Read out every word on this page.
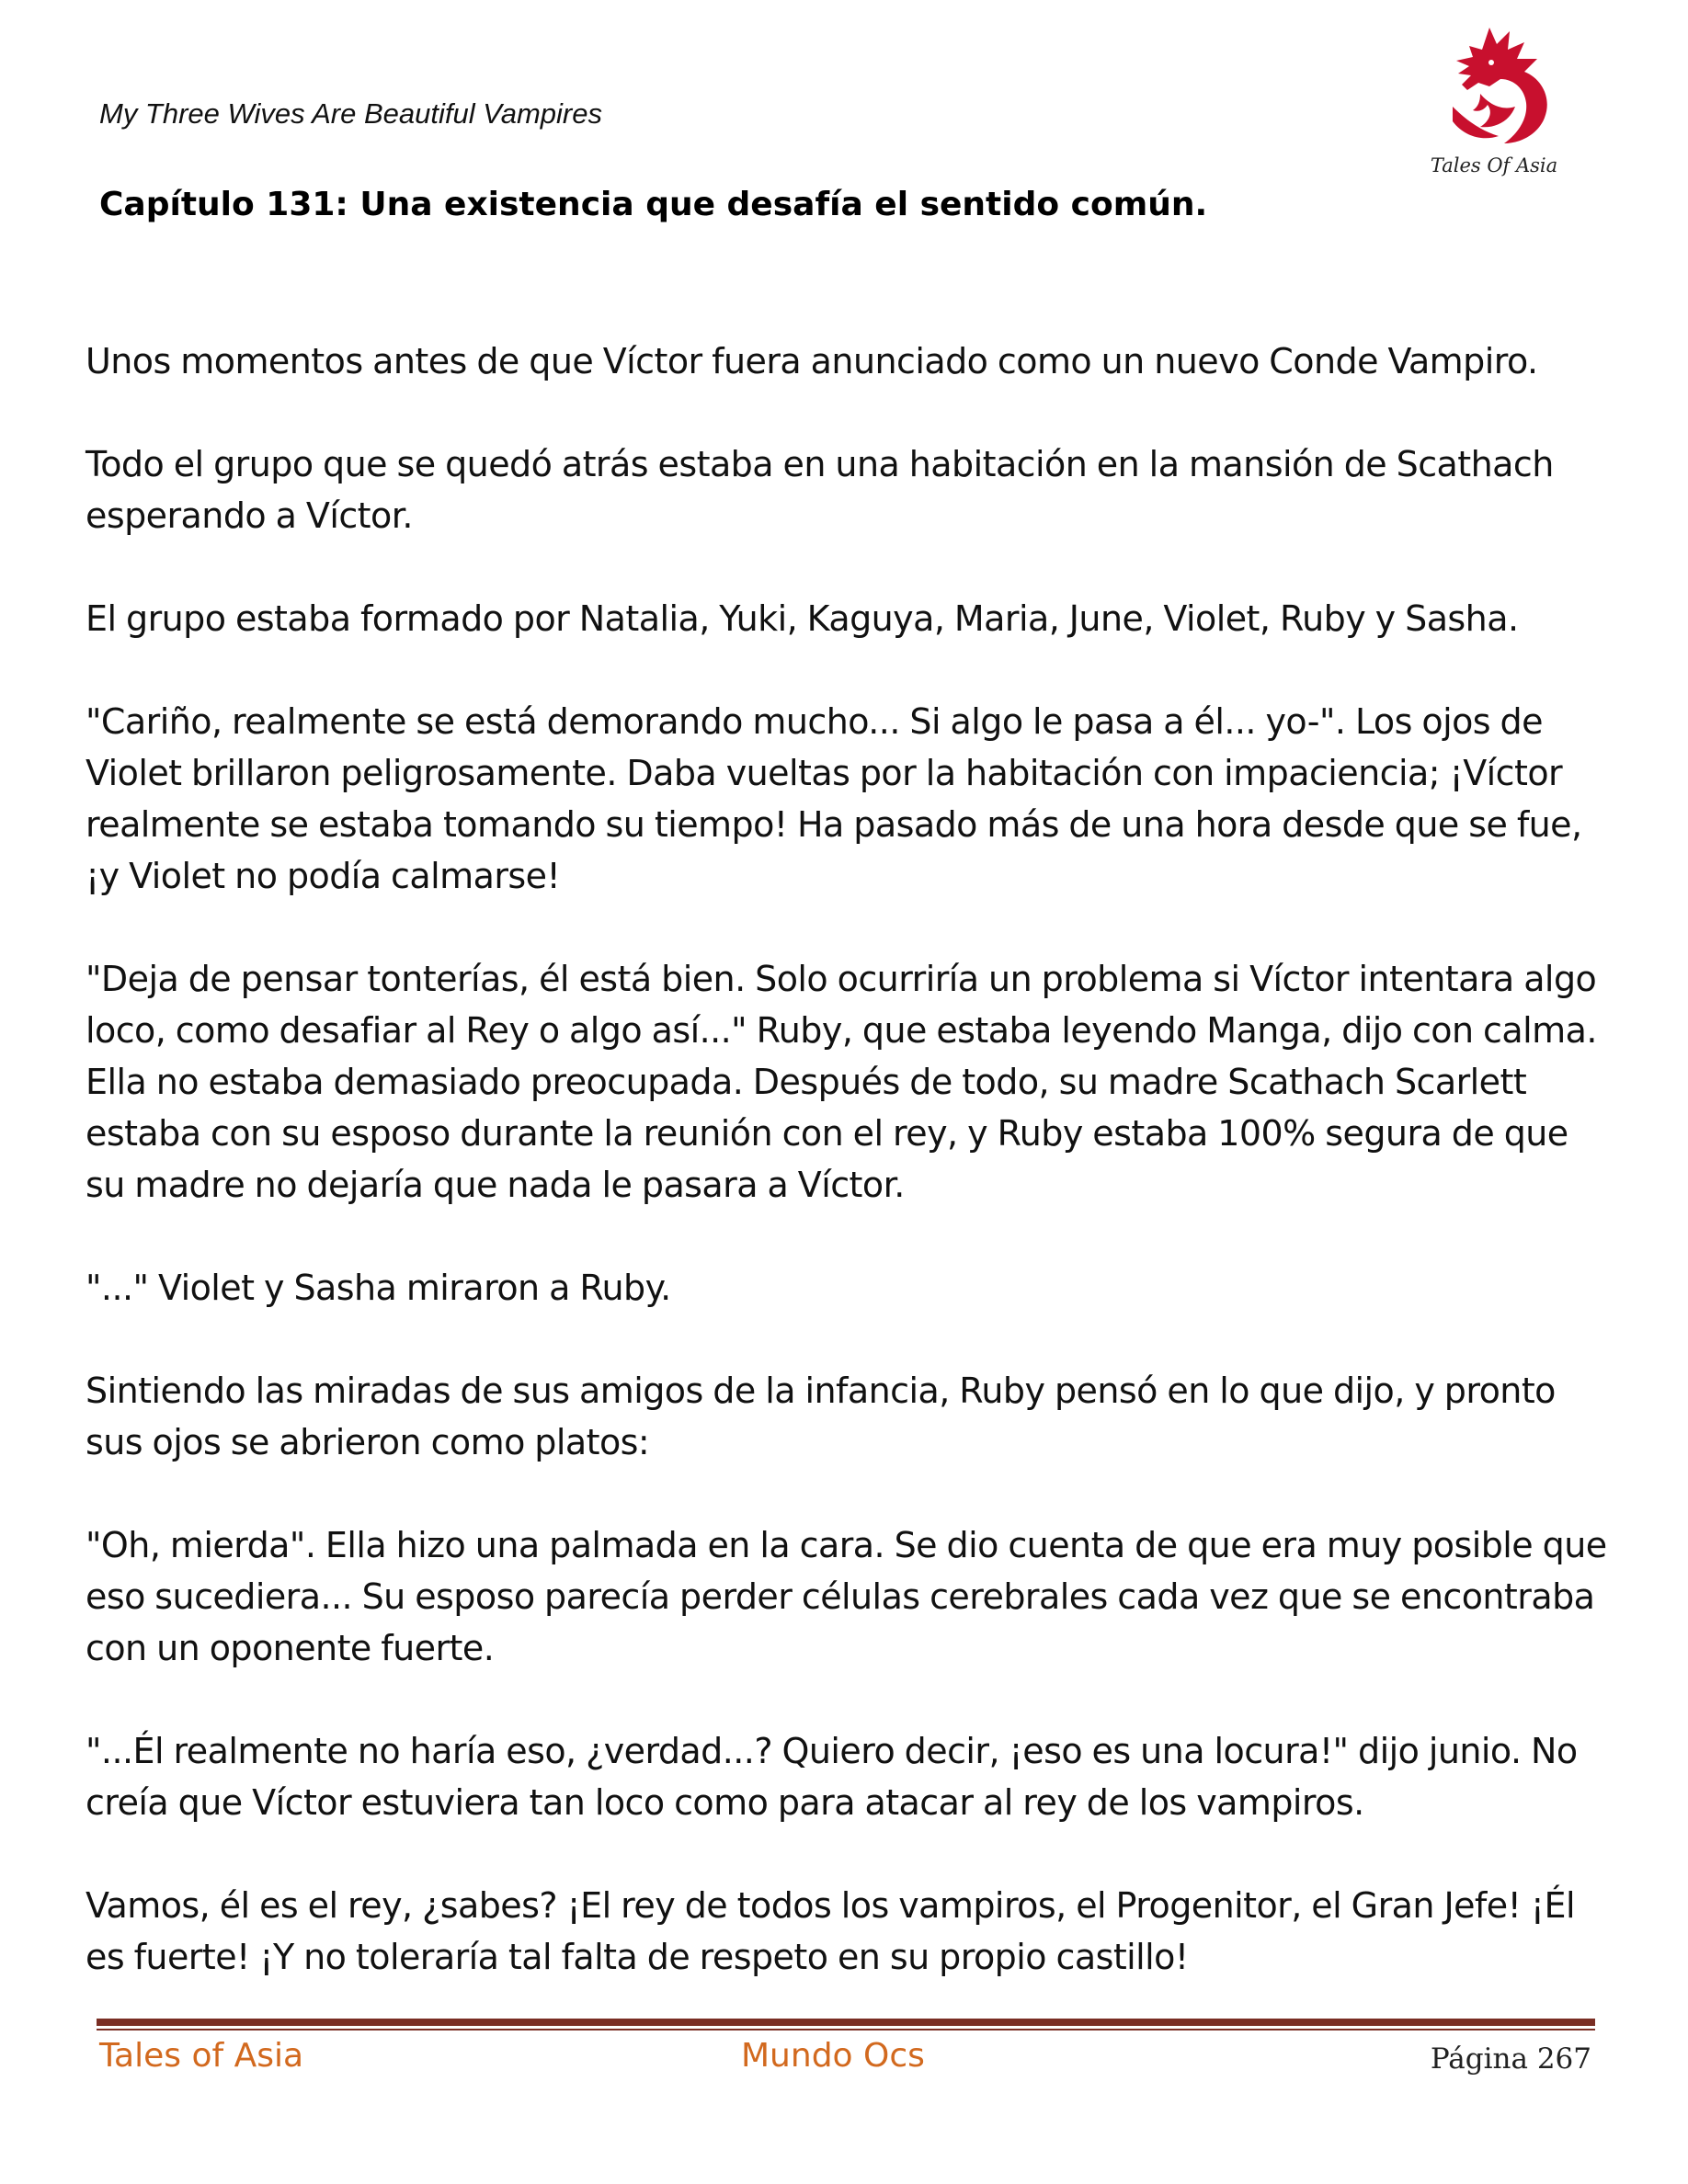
My Three Wives Are Beautiful Vampires
Tales Of Asia
Capítulo 131: Una existencia que desafía el sentido común.

Unos momentos antes de que Víctor fuera anunciado como un nuevo Conde Vampiro.

Todo el grupo que se quedó atrás estaba en una habitación en la mansión de Scathach esperando a Víctor.

El grupo estaba formado por Natalia, Yuki, Kaguya, Maria, June, Violet, Ruby y Sasha.

"Cariño, realmente se está demorando mucho... Si algo le pasa a él... yo-". Los ojos de Violet brillaron peligrosamente. Daba vueltas por la habitación con impaciencia; ¡Víctor realmente se estaba tomando su tiempo! Ha pasado más de una hora desde que se fue, ¡y Violet no podía calmarse!

"Deja de pensar tonterías, él está bien. Solo ocurriría un problema si Víctor intentara algo loco, como desafiar al Rey o algo así..." Ruby, que estaba leyendo Manga, dijo con calma. Ella no estaba demasiado preocupada. Después de todo, su madre Scathach Scarlett estaba con su esposo durante la reunión con el rey, y Ruby estaba 100% segura de que su madre no dejaría que nada le pasara a Víctor.

"..." Violet y Sasha miraron a Ruby.

Sintiendo las miradas de sus amigos de la infancia, Ruby pensó en lo que dijo, y pronto sus ojos se abrieron como platos:

"Oh, mierda". Ella hizo una palmada en la cara. Se dio cuenta de que era muy posible que eso sucediera... Su esposo parecía perder células cerebrales cada vez que se encontraba con un oponente fuerte.

"...Él realmente no haría eso, ¿verdad...? Quiero decir, ¡eso es una locura!" dijo junio. No creía que Víctor estuviera tan loco como para atacar al rey de los vampiros.

Vamos, él es el rey, ¿sabes? ¡El rey de todos los vampiros, el Progenitor, el Gran Jefe! ¡Él es fuerte! ¡Y no toleraría tal falta de respeto en su propio castillo!

Tales of Asia	Mundo Ocs	Página 267
